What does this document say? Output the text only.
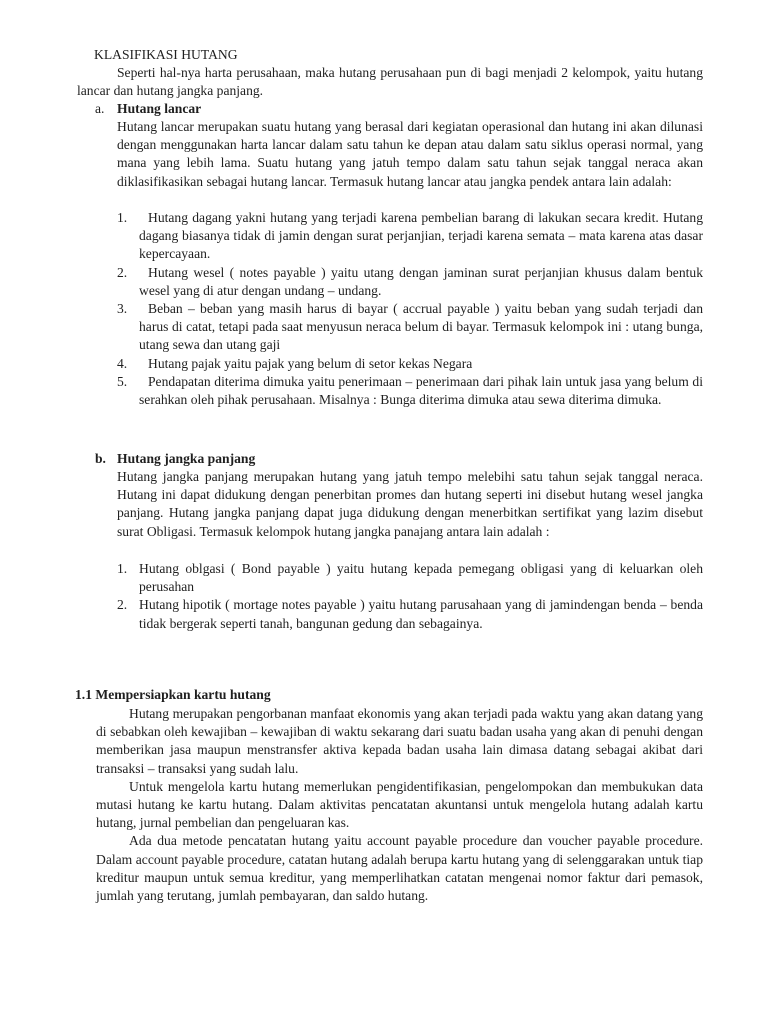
KLASIFIKASI HUTANG

Seperti hal-nya harta perusahaan, maka hutang perusahaan pun di bagi menjadi 2 kelompok, yaitu hutang lancar dan hutang jangka panjang.

a. Hutang lancar

Hutang lancar merupakan suatu hutang yang berasal dari kegiatan operasional dan hutang ini akan dilunasi dengan menggunakan harta lancar dalam satu tahun ke depan atau dalam satu siklus operasi normal, yang mana yang lebih lama. Suatu hutang yang jatuh tempo dalam satu tahun sejak tanggal neraca akan diklasifikasikan sebagai hutang lancar. Termasuk hutang lancar atau jangka pendek antara lain adalah:

1.	Hutang dagang yakni hutang yang terjadi karena pembelian barang di lakukan secara kredit. Hutang dagang biasanya tidak di jamin dengan surat perjanjian, terjadi karena semata – mata karena atas dasar kepercayaan.

2.	Hutang wesel ( notes payable ) yaitu utang dengan jaminan surat perjanjian khusus dalam bentuk wesel yang di atur dengan undang – undang.

3.	Beban – beban yang masih harus di bayar ( accrual payable ) yaitu beban yang sudah terjadi dan harus di catat, tetapi pada saat menyusun neraca belum di bayar. Termasuk kelompok ini : utang bunga, utang sewa dan utang gaji

4.	Hutang pajak yaitu pajak yang belum di setor kekas Negara

5.	Pendapatan diterima dimuka yaitu penerimaan – penerimaan dari pihak lain untuk jasa yang belum di serahkan oleh pihak perusahaan. Misalnya : Bunga diterima dimuka atau sewa diterima dimuka.

b. Hutang jangka panjang

Hutang jangka panjang merupakan hutang yang jatuh tempo melebihi satu tahun sejak tanggal neraca. Hutang ini dapat didukung dengan penerbitan promes dan hutang seperti ini disebut hutang wesel jangka panjang. Hutang jangka panjang dapat juga didukung dengan menerbitkan sertifikat yang lazim disebut surat Obligasi. Termasuk kelompok hutang jangka panajang antara lain adalah :

1. Hutang oblgasi ( Bond payable ) yaitu hutang kepada pemegang obligasi yang di keluarkan oleh perusahan

2. Hutang hipotik ( mortage notes payable ) yaitu hutang parusahaan yang di jamindengan benda – benda tidak bergerak seperti tanah, bangunan gedung dan sebagainya.

1.1 Mempersiapkan kartu hutang

Hutang merupakan pengorbanan manfaat ekonomis yang akan terjadi pada waktu yang akan datang yang di sebabkan oleh kewajiban – kewajiban di waktu sekarang dari suatu badan usaha yang akan di penuhi dengan memberikan jasa maupun menstransfer aktiva kepada badan usaha lain dimasa datang sebagai akibat dari transaksi – transaksi yang sudah lalu.

Untuk mengelola kartu hutang memerlukan pengidentifikasian, pengelompokan dan membukukan data mutasi hutang ke kartu hutang. Dalam aktivitas pencatatan akuntansi untuk mengelola hutang adalah kartu hutang, jurnal pembelian dan pengeluaran kas.

Ada dua metode pencatatan hutang yaitu account payable procedure dan voucher payable procedure. Dalam account payable procedure, catatan hutang adalah berupa kartu hutang yang di selenggarakan untuk tiap kreditur maupun untuk semua kreditur, yang memperlihatkan catatan mengenai nomor faktur dari pemasok, jumlah yang terutang, jumlah pembayaran, dan saldo hutang.
